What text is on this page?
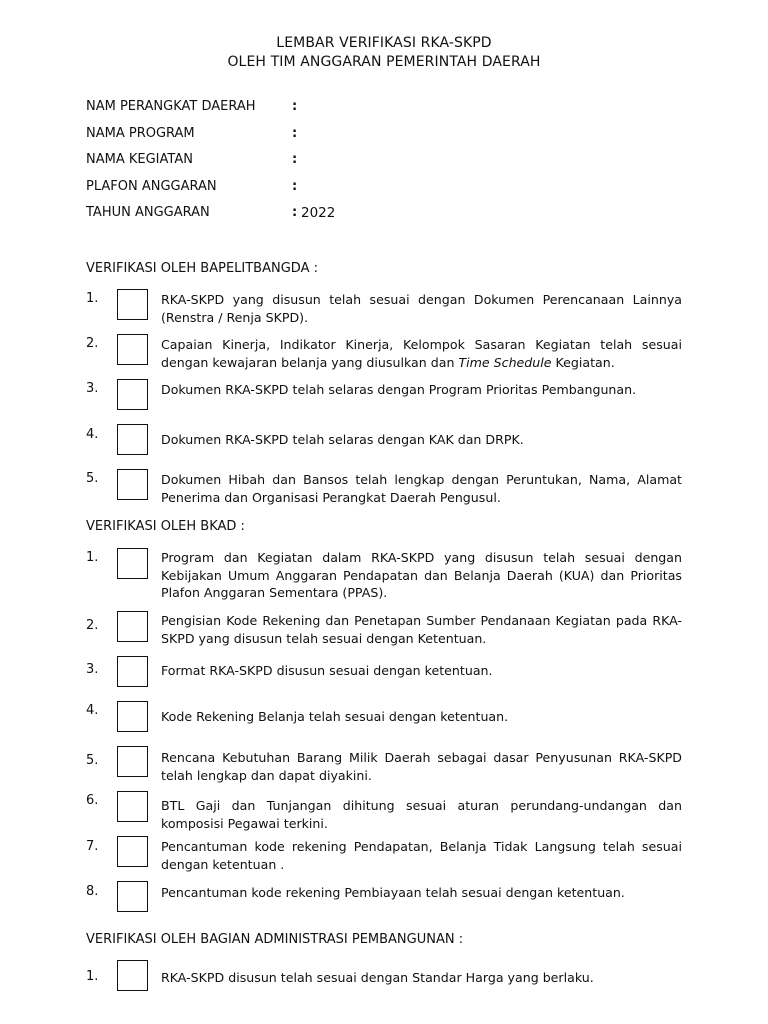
LEMBAR VERIFIKASI RKA-SKPD
OLEH TIM ANGGARAN PEMERINTAH DAERAH
NAM PERANGKAT DAERAH	:
NAMA PROGRAM	:
NAMA KEGIATAN	:
PLAFON ANGGARAN	:
TAHUN ANGGARAN	: 2022
VERIFIKASI OLEH BAPELITBANGDA :
1.	RKA-SKPD yang disusun telah sesuai dengan Dokumen Perencanaan Lainnya (Renstra / Renja SKPD).
2.	Capaian Kinerja, Indikator Kinerja, Kelompok Sasaran Kegiatan telah sesuai dengan kewajaran belanja yang diusulkan dan Time Schedule Kegiatan.
3.	Dokumen RKA-SKPD telah selaras dengan Program Prioritas Pembangunan.
4.	Dokumen RKA-SKPD telah selaras dengan KAK dan DRPK.
5.	Dokumen Hibah dan Bansos telah lengkap dengan Peruntukan, Nama, Alamat Penerima dan Organisasi Perangkat Daerah Pengusul.
VERIFIKASI OLEH BKAD :
1.	Program dan Kegiatan dalam RKA-SKPD yang disusun telah sesuai dengan Kebijakan Umum Anggaran Pendapatan dan Belanja Daerah (KUA) dan Prioritas Plafon Anggaran Sementara (PPAS).
2.	Pengisian Kode Rekening dan Penetapan Sumber Pendanaan Kegiatan pada RKA-SKPD yang disusun telah sesuai dengan Ketentuan.
3.	Format RKA-SKPD disusun sesuai dengan ketentuan.
4.	Kode Rekening Belanja telah sesuai dengan ketentuan.
5.	Rencana Kebutuhan Barang Milik Daerah sebagai dasar Penyusunan RKA-SKPD telah lengkap dan dapat diyakini.
6.	BTL Gaji dan Tunjangan dihitung sesuai aturan perundang-undangan dan komposisi Pegawai terkini.
7.	Pencantuman kode rekening Pendapatan, Belanja Tidak Langsung telah sesuai dengan ketentuan .
8.	Pencantuman kode rekening Pembiayaan telah sesuai dengan ketentuan.
VERIFIKASI OLEH BAGIAN ADMINISTRASI PEMBANGUNAN :
1.	RKA-SKPD disusun telah sesuai dengan Standar Harga yang berlaku.
